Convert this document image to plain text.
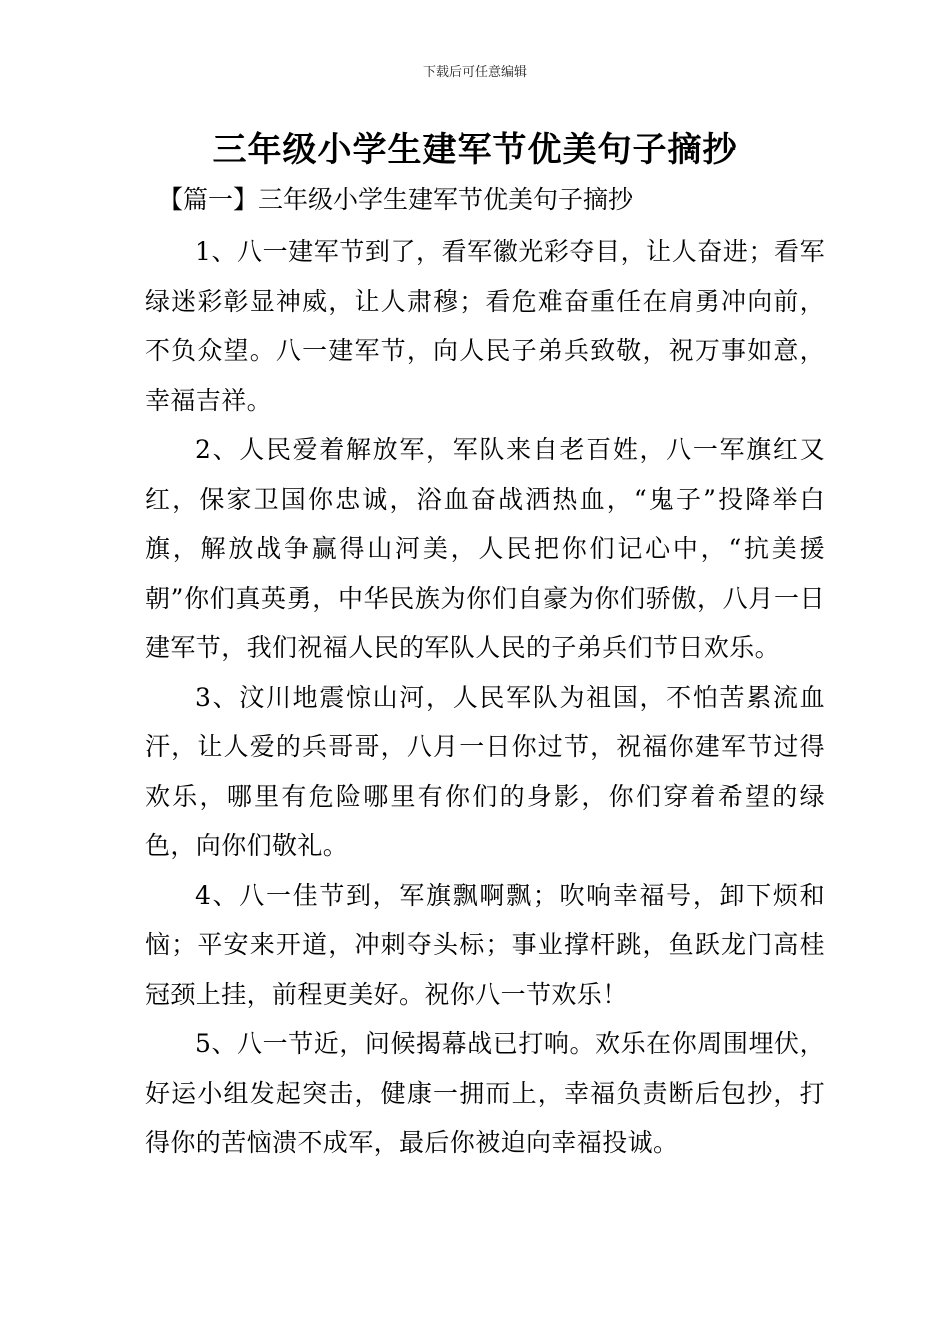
下载后可任意编辑
三年级小学生建军节优美句子摘抄
【篇一】三年级小学生建军节优美句子摘抄

1、八一建军节到了，看军徽光彩夺目，让人奋进；看军绿迷彩彰显神威，让人肃穆；看危难奋重任在肩勇冲向前，不负众望。八一建军节，向人民子弟兵致敬，祝万事如意，幸福吉祥。

2、人民爱着解放军，军队来自老百姓，八一军旗红又红，保家卫国你忠诚，浴血奋战洒热血，“鬼子”投降举白旗，解放战争赢得山河美，人民把你们记心中，“抗美援朝”你们真英勇，中华民族为你们自豪为你们骄傲，八月一日建军节，我们祝福人民的军队人民的子弟兵们节日欢乐。

3、汶川地震惊山河，人民军队为祖国，不怕苦累流血汗，让人爱的兵哥哥，八月一日你过节，祝福你建军节过得欢乐，哪里有危险哪里有你们的身影，你们穿着希望的绿色，向你们敬礼。

4、八一佳节到，军旗飘啊飘；吹响幸福号，卸下烦和恼；平安来开道，冲刺夺头标；事业撑杆跳，鱼跃龙门高桂冠颈上挂，前程更美好。祝你八一节欢乐！

5、八一节近，问候揭幕战已打响。欢乐在你周围埋伏，好运小组发起突击，健康一拥而上，幸福负责断后包抄，打得你的苦恼溃不成军，最后你被迫向幸福投诚。
